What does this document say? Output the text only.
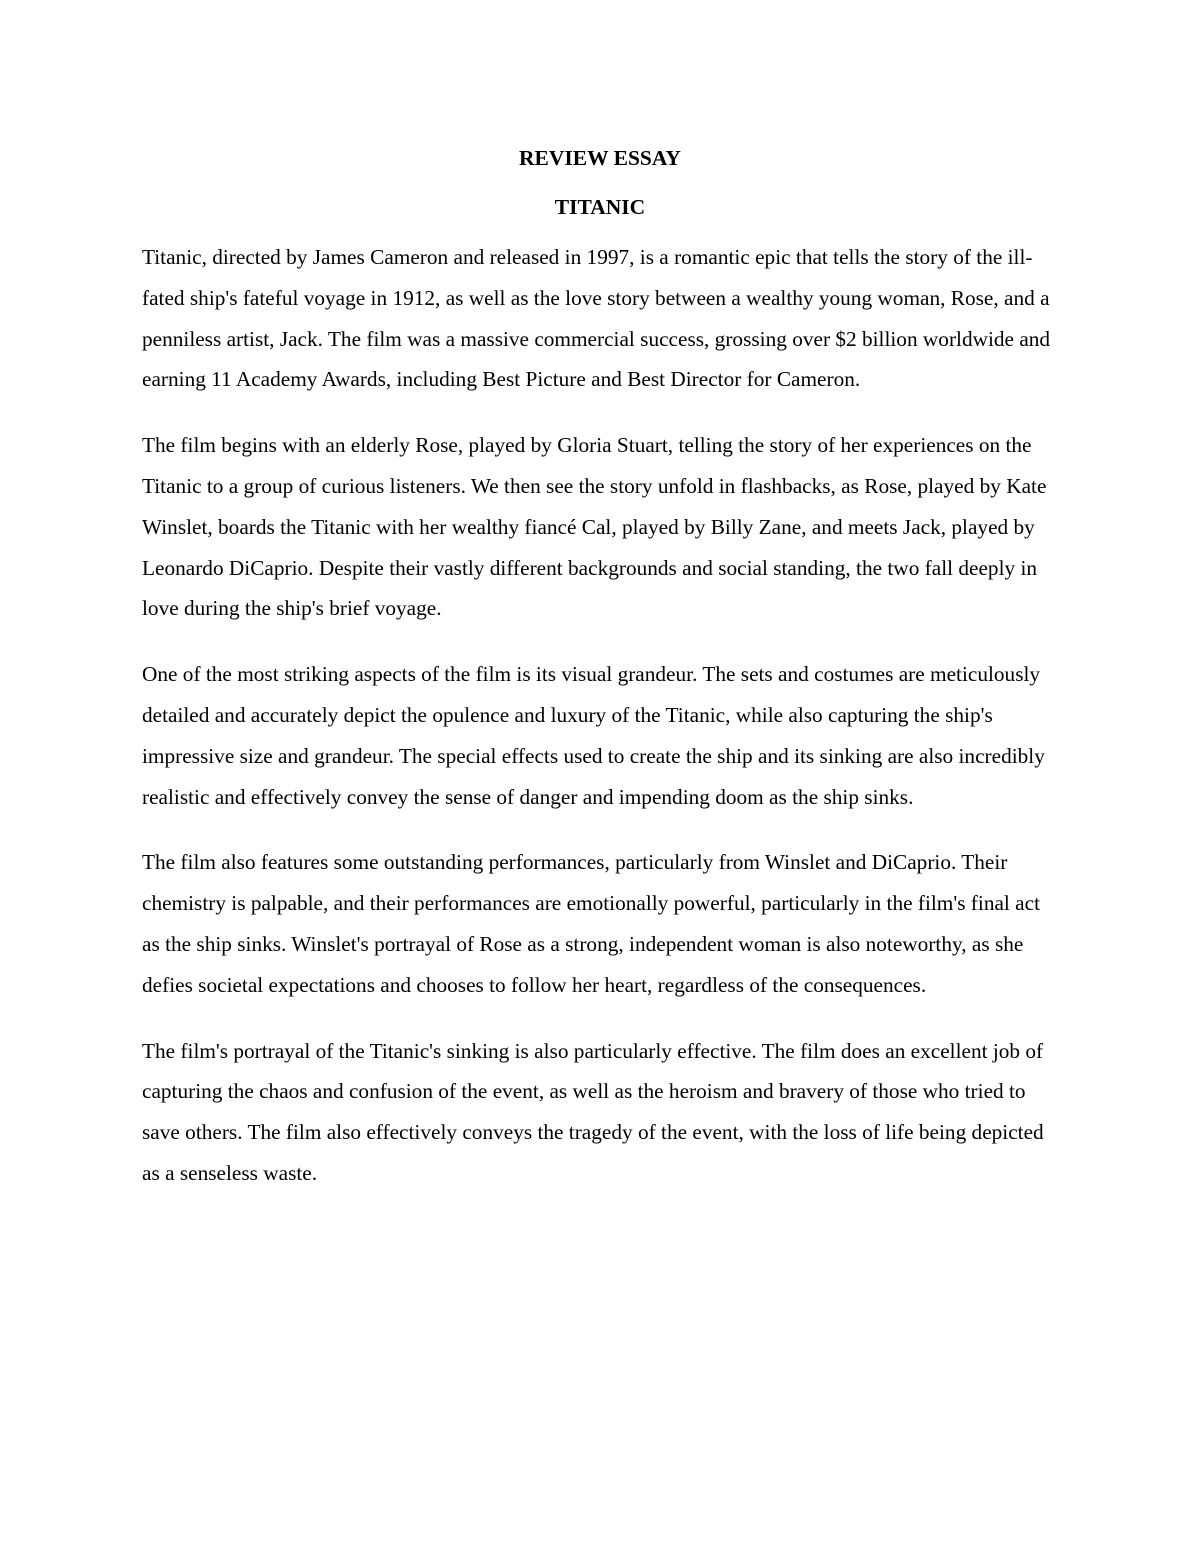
REVIEW ESSAY
TITANIC

Titanic, directed by James Cameron and released in 1997, is a romantic epic that tells the story of the ill-fated ship's fateful voyage in 1912, as well as the love story between a wealthy young woman, Rose, and a penniless artist, Jack. The film was a massive commercial success, grossing over $2 billion worldwide and earning 11 Academy Awards, including Best Picture and Best Director for Cameron.

The film begins with an elderly Rose, played by Gloria Stuart, telling the story of her experiences on the Titanic to a group of curious listeners. We then see the story unfold in flashbacks, as Rose, played by Kate Winslet, boards the Titanic with her wealthy fiancé Cal, played by Billy Zane, and meets Jack, played by Leonardo DiCaprio. Despite their vastly different backgrounds and social standing, the two fall deeply in love during the ship's brief voyage.

One of the most striking aspects of the film is its visual grandeur. The sets and costumes are meticulously detailed and accurately depict the opulence and luxury of the Titanic, while also capturing the ship's impressive size and grandeur. The special effects used to create the ship and its sinking are also incredibly realistic and effectively convey the sense of danger and impending doom as the ship sinks.

The film also features some outstanding performances, particularly from Winslet and DiCaprio. Their chemistry is palpable, and their performances are emotionally powerful, particularly in the film's final act as the ship sinks. Winslet's portrayal of Rose as a strong, independent woman is also noteworthy, as she defies societal expectations and chooses to follow her heart, regardless of the consequences.

The film's portrayal of the Titanic's sinking is also particularly effective. The film does an excellent job of capturing the chaos and confusion of the event, as well as the heroism and bravery of those who tried to save others. The film also effectively conveys the tragedy of the event, with the loss of life being depicted as a senseless waste.
